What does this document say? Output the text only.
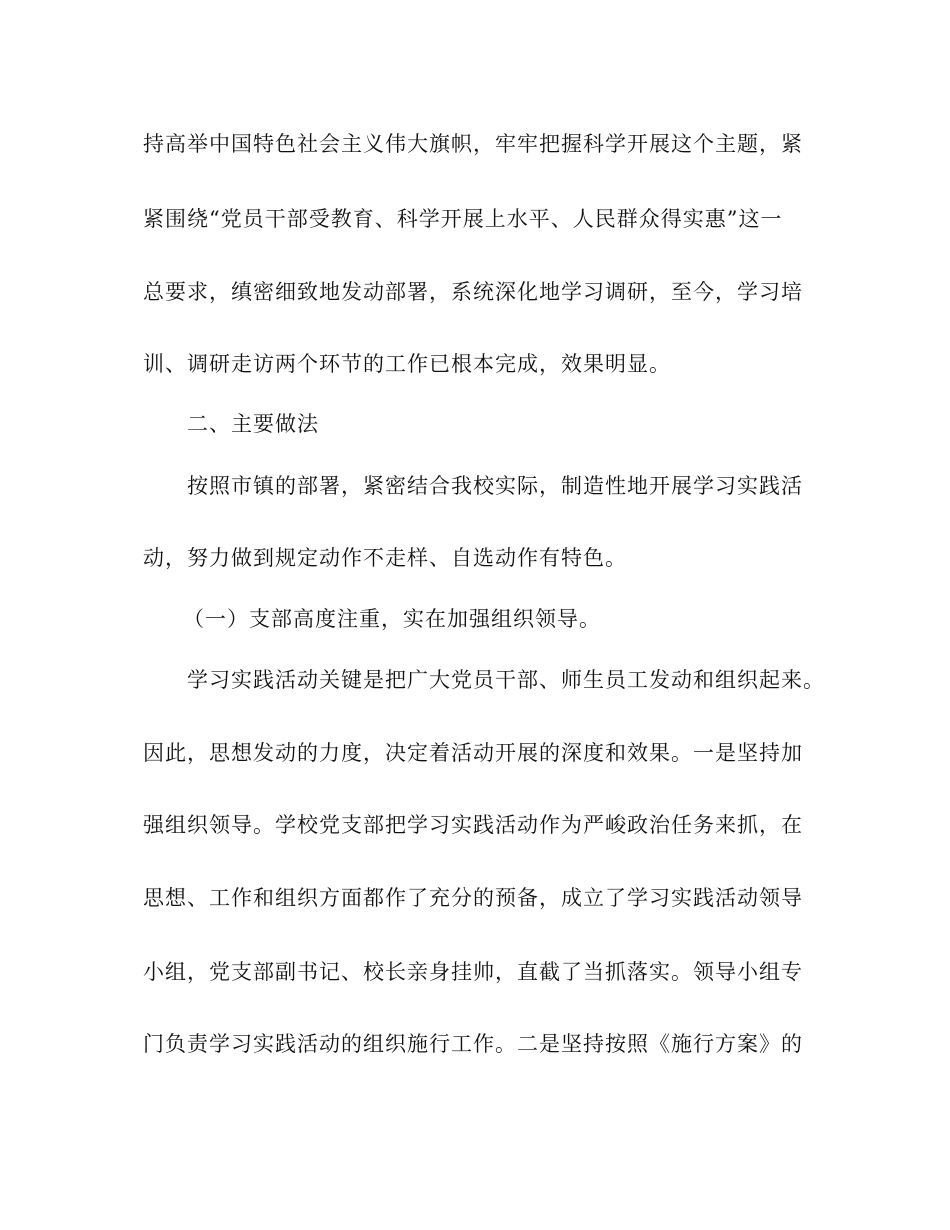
持高举中国特色社会主义伟大旗帜，牢牢把握科学开展这个主题，紧
紧围绕“党员干部受教育、科学开展上水平、人民群众得实惠”这一
总要求，缜密细致地发动部署，系统深化地学习调研，至今，学习培
训、调研走访两个环节的工作已根本完成，效果明显。
二、主要做法
按照市镇的部署，紧密结合我校实际，制造性地开展学习实践活
动，努力做到规定动作不走样、自选动作有特色。
（一）支部高度注重，实在加强组织领导。
学习实践活动关键是把广大党员干部、师生员工发动和组织起来。
因此，思想发动的力度，决定着活动开展的深度和效果。一是坚持加
强组织领导。学校党支部把学习实践活动作为严峻政治任务来抓，在
思想、工作和组织方面都作了充分的预备，成立了学习实践活动领导
小组，党支部副书记、校长亲身挂帅，直截了当抓落实。领导小组专
门负责学习实践活动的组织施行工作。二是坚持按照《施行方案》的
